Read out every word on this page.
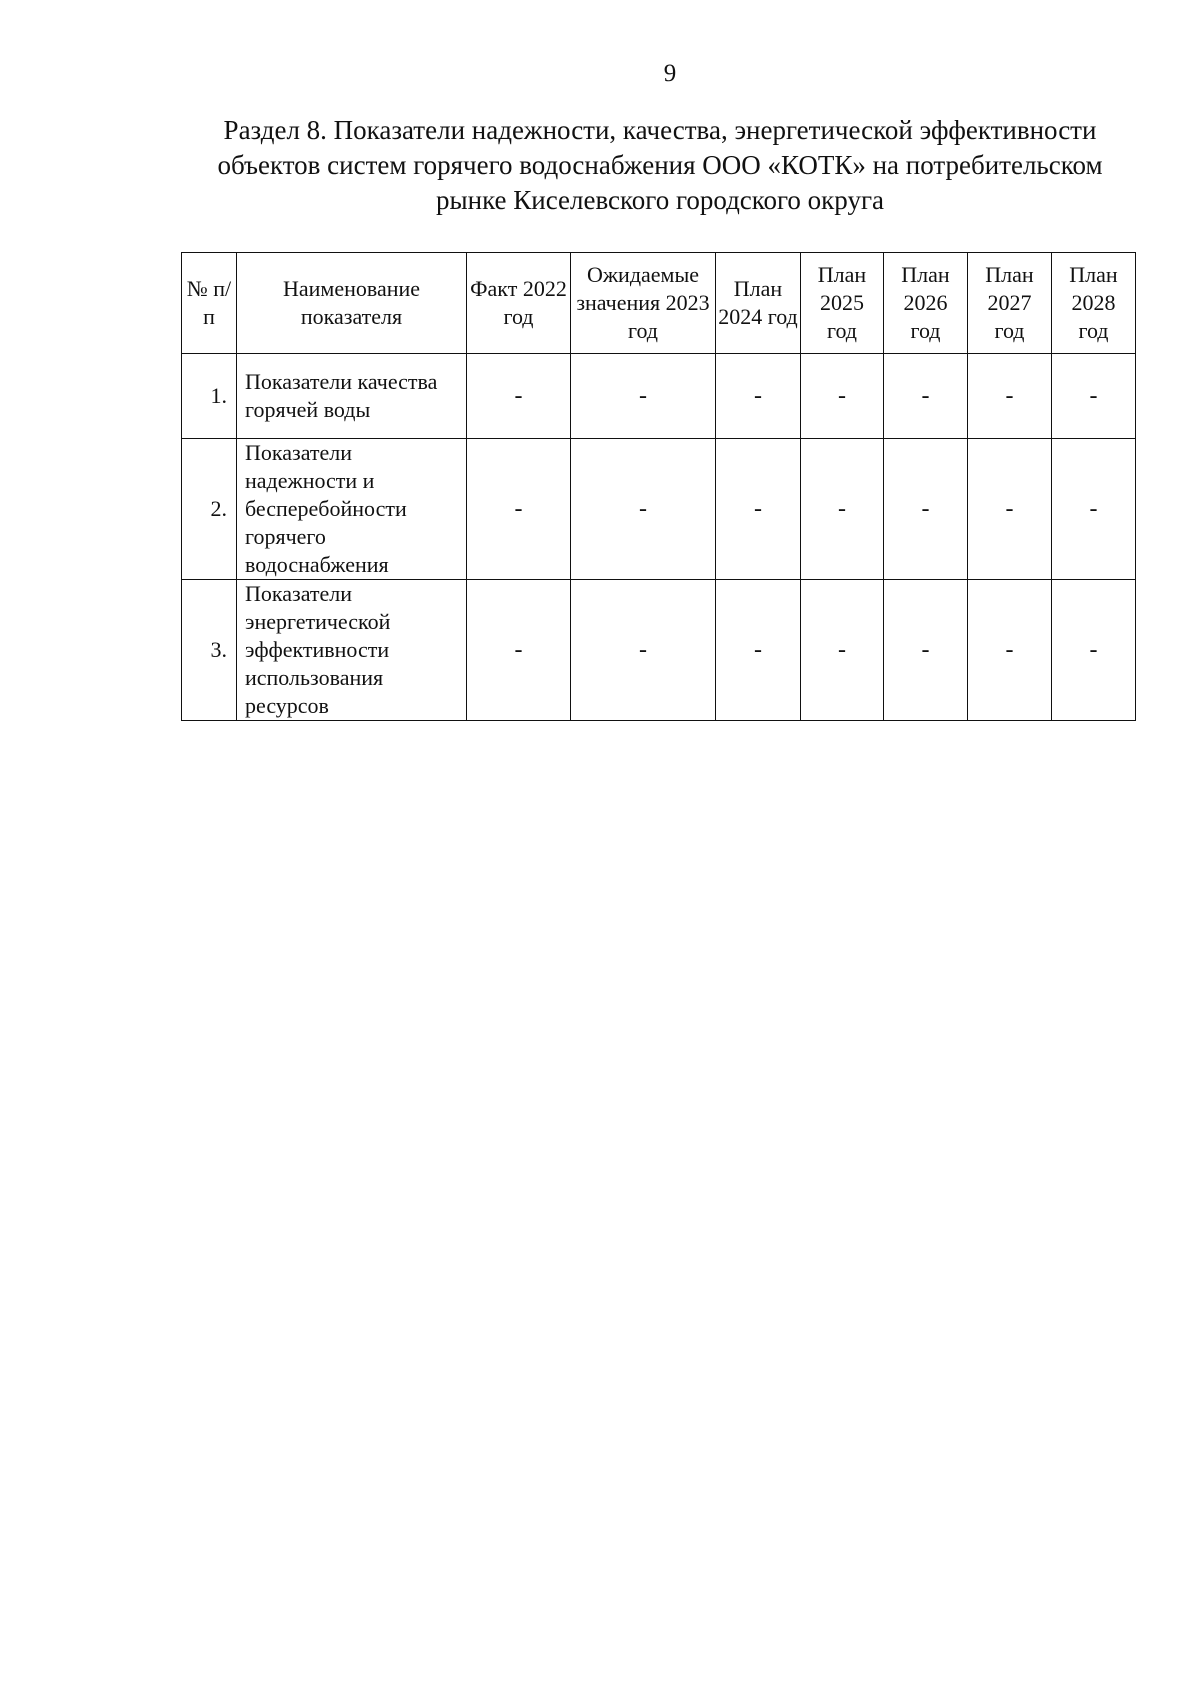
9
Раздел 8. Показатели надежности, качества, энергетической эффективности объектов систем горячего водоснабжения ООО «КОТК» на потребительском рынке Киселевского городского округа
№ п/п	Наименование показателя	Факт 2022 год	Ожидаемые значения 2023 год	План 2024 год	План 2025 год	План 2026 год	План 2027 год	План 2028 год
1.	Показатели качества горячей воды	-	-	-	-	-	-	-
2.	Показатели надежности и бесперебойности горячего водоснабжения	-	-	-	-	-	-	-
3.	Показатели энергетической эффективности использования ресурсов	-	-	-	-	-	-	-
